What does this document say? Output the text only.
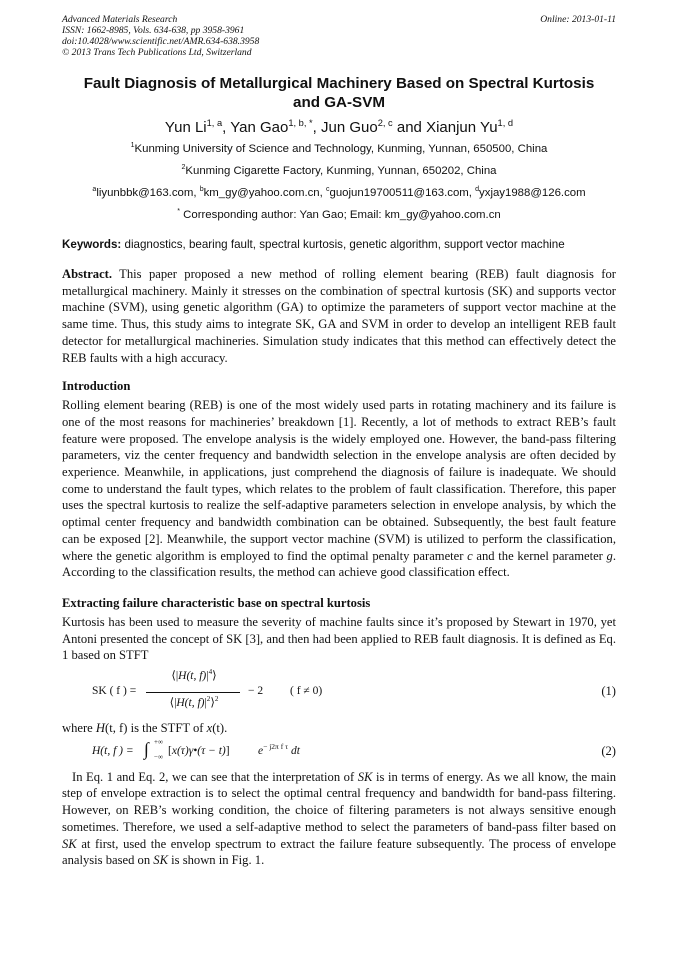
Advanced Materials Research
ISSN: 1662-8985, Vols. 634-638, pp 3958-3961
doi:10.4028/www.scientific.net/AMR.634-638.3958
© 2013 Trans Tech Publications Ltd, Switzerland
Online: 2013-01-11
Fault Diagnosis of Metallurgical Machinery Based on Spectral Kurtosis
and GA-SVM
Yun Li$^{1, a}$, Yan Gao$^{1, b, *}$, Jun Guo$^{2, c}$ and Xianjun Yu$^{1, d}$
$^1$Kunming University of Science and Technology, Kunming, Yunnan, 650500, China
$^2$Kunming Cigarette Factory, Kunming, Yunnan, 650202, China
$^a$liyunbbk@163.com, $^b$km_gy@yahoo.com.cn, $^c$guojun19700511@163.com, $^d$yxjay1988@126.com
* Corresponding author: Yan Gao; Email: km_gy@yahoo.com.cn
Keywords: diagnostics, bearing fault, spectral kurtosis, genetic algorithm, support vector machine

Abstract. This paper proposed a new method of rolling element bearing (REB) fault diagnosis for metallurgical machinery. Mainly it stresses on the combination of spectral kurtosis (SK) and supports vector machine (SVM), using genetic algorithm (GA) to optimize the parameters of support vector machine at the same time. Thus, this study aims to integrate SK, GA and SVM in order to develop an intelligent REB fault detector for metallurgical machineries. Simulation study indicates that this method can effectively detect the REB faults with a high accuracy.

Introduction

Rolling element bearing (REB) is one of the most widely used parts in rotating machinery and its failure is one of the most reasons for machineries’ breakdown [1]. Recently, a lot of methods to extract REB’s fault feature were proposed. The envelope analysis is the widely employed one. However, the band-pass filtering parameters, viz the center frequency and bandwidth selection in the envelope analysis are often decided by experience. Meanwhile, in applications, just comprehend the diagnosis of failure is inadequate. We should come to understand the fault types, which relates to the problem of fault classification. Therefore, this paper uses the spectral kurtosis to realize the self-adaptive parameters selection in envelope analysis, by which the optimal center frequency and bandwidth combination can be obtained. Subsequently, the best fault feature can be exposed [2]. Meanwhile, the support vector machine (SVM) is utilized to perform the classification, where the genetic algorithm is employed to find the optimal penalty parameter c and the kernel parameter g. According to the classification results, the method can achieve good classification effect.

Extracting failure characteristic base on spectral kurtosis

Kurtosis has been used to measure the severity of machine faults since it’s proposed by Stewart in 1970, yet Antoni presented the concept of SK [3], and then had been applied to REB fault diagnosis. It is defined as Eq. 1 based on STFT

SK ( f ) =
⟨|H(t, $f)|^4⟩$
⟨|H(t, $f)|^2⟩^2$
− 2 ( f ≠ 0)	(1)

where H(t, f) is the STFT of x(t).

H(t, f ) = ∫ +∞
−∞ [x(τ)γ•(τ − t)] $e^{- j2\pi f \tau}$ dt	(2)

In Eq. 1 and Eq. 2, we can see that the interpretation of SK is in terms of energy. As we all know, the main step of envelope extraction is to select the optimal central frequency and bandwidth for band-pass filtering. However, on REB’s working condition, the choice of filtering parameters is not always sensitive enough sometimes. Therefore, we used a self-adaptive method to select the parameters of band-pass filter based on SK at first, used the envelop spectrum to extract the failure feature subsequently. The process of envelope analysis based on SK is shown in Fig. 1.
